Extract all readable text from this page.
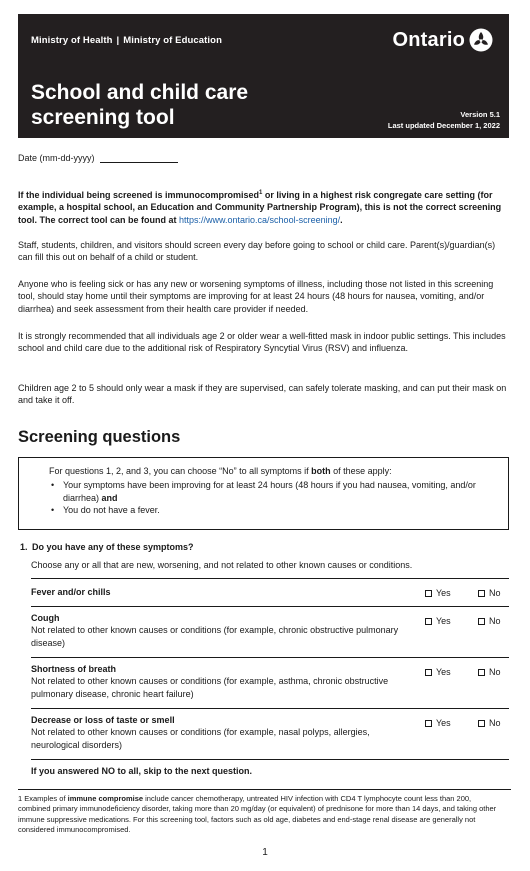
Ministry of Health | Ministry of Education	Ontario
School and child care
screening tool	Version 5.1
Last updated December 1, 2022
Date (mm-dd-yyyy)
If the individual being screened is immunocompromised$^1$ or living in a highest risk congregate care setting (for example, a hospital school, an Education and Community Partnership Program), this is not the correct screening tool. The correct tool can be found at https://www.ontario.ca/school-screening/.
Staff, students, children, and visitors should screen every day before going to school or child care. Parent(s)/guardian(s) can fill this out on behalf of a child or student.
Anyone who is feeling sick or has any new or worsening symptoms of illness, including those not listed in this screening tool, should stay home until their symptoms are improving for at least 24 hours (48 hours for nausea, vomiting, and/or diarrhea) and seek assessment from their health care provider if needed.
It is strongly recommended that all individuals age 2 or older wear a well-fitted mask in indoor public settings. This includes school and child care due to the additional risk of Respiratory Syncytial Virus (RSV) and influenza.
Children age 2 to 5 should only wear a mask if they are supervised, can safely tolerate masking, and can put their mask on and take it off.
Screening questions
For questions 1, 2, and 3, you can choose “No” to all symptoms if both of these apply:
• Your symptoms have been improving for at least 24 hours (48 hours if you had nausea, vomiting, and/or diarrhea) and
• You do not have a fever.
1. Do you have any of these symptoms?
Choose any or all that are new, worsening, and not related to other known causes or conditions.
Fever and/or chills	Yes	No
Cough
Not related to other known causes or conditions (for example, chronic obstructive pulmonary disease)
Yes	No
Shortness of breath
Not related to other known causes or conditions (for example, asthma, chronic obstructive pulmonary disease, chronic heart failure)
Yes	No
Decrease or loss of taste or smell
Not related to other known causes or conditions (for example, nasal polyps, allergies, neurological disorders)
Yes	No
If you answered NO to all, skip to the next question.
1 Examples of immune compromise include cancer chemotherapy, untreated HIV infection with CD4 T lymphocyte count less than 200, combined primary immunodeficiency disorder, taking more than 20 mg/day (or equivalent) of prednisone for more than 14 days, and taking other immune suppressive medications. For this screening tool, factors such as old age, diabetes and end-stage renal disease are generally not considered immunocompromised.
1
